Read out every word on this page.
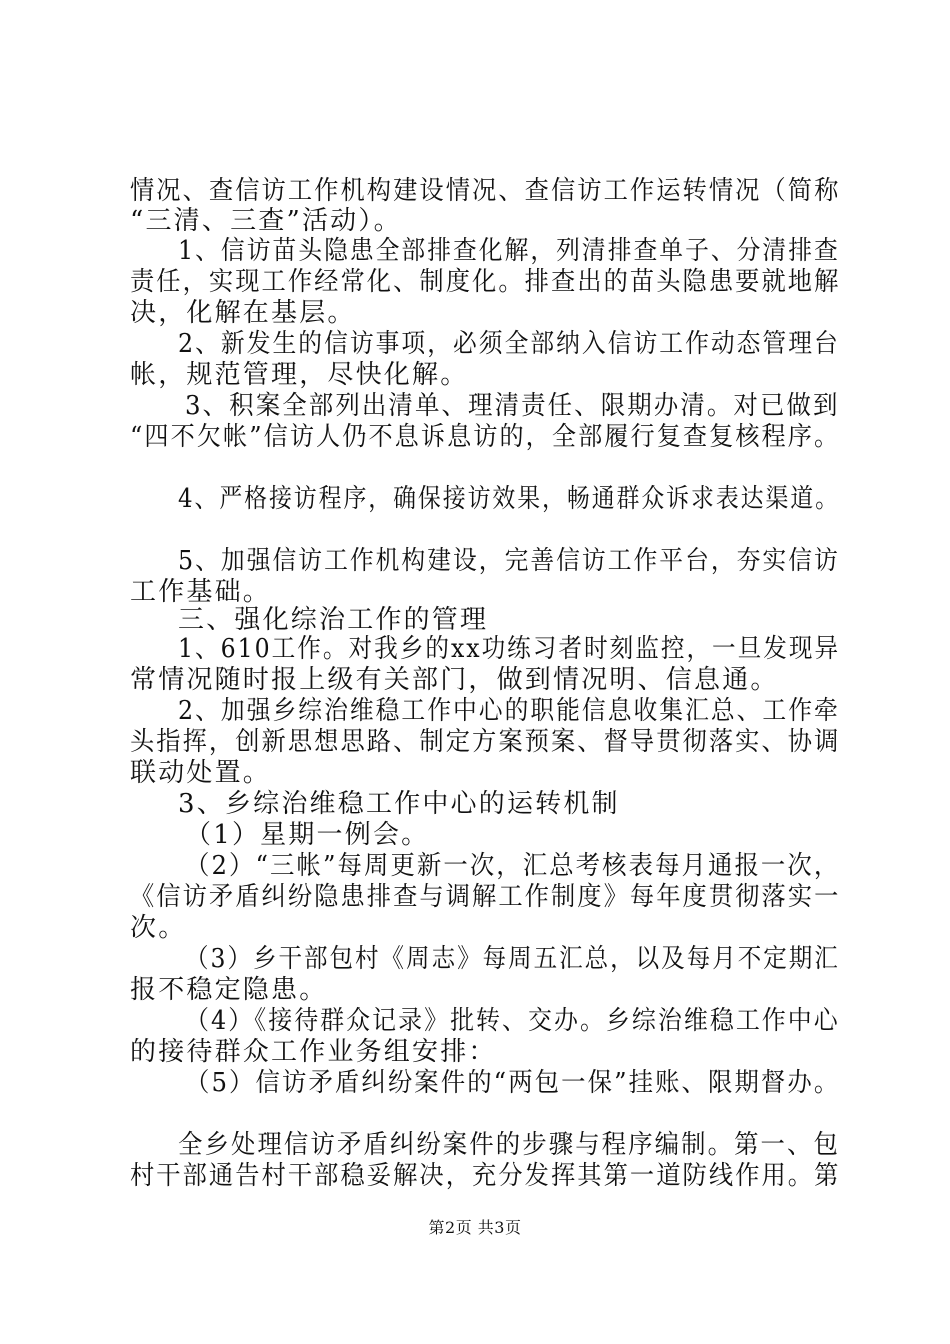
情况、查信访工作机构建设情况、查信访工作运转情况（简称
“三清、三查”活动）。
1、信访苗头隐患全部排查化解，列清排查单子、分清排查
责任，实现工作经常化、制度化。排查出的苗头隐患要就地解
决，化解在基层。
2、新发生的信访事项，必须全部纳入信访工作动态管理台
帐，规范管理，尽快化解。
3、积案全部列出清单、理清责任、限期办清。对已做到
“四不欠帐”信访人仍不息诉息访的，全部履行复查复核程序。
4、严格接访程序，确保接访效果，畅通群众诉求表达渠道。
5、加强信访工作机构建设，完善信访工作平台，夯实信访
工作基础。
三、强化综治工作的管理
1、610工作。对我乡的xx功练习者时刻监控，一旦发现异
常情况随时报上级有关部门，做到情况明、信息通。
2、加强乡综治维稳工作中心的职能信息收集汇总、工作牵
头指挥，创新思想思路、制定方案预案、督导贯彻落实、协调
联动处置。
3、乡综治维稳工作中心的运转机制
（1）星期一例会。
（2）“三帐”每周更新一次，汇总考核表每月通报一次，
《信访矛盾纠纷隐患排查与调解工作制度》每年度贯彻落实一
次。
（3）乡干部包村《周志》每周五汇总，以及每月不定期汇
报不稳定隐患。
（4）《接待群众记录》批转、交办。乡综治维稳工作中心
的接待群众工作业务组安排：
（5）信访矛盾纠纷案件的“两包一保”挂账、限期督办。
全乡处理信访矛盾纠纷案件的步骤与程序编制。第一、包
村干部通告村干部稳妥解决，充分发挥其第一道防线作用。第
第2页 共3页
